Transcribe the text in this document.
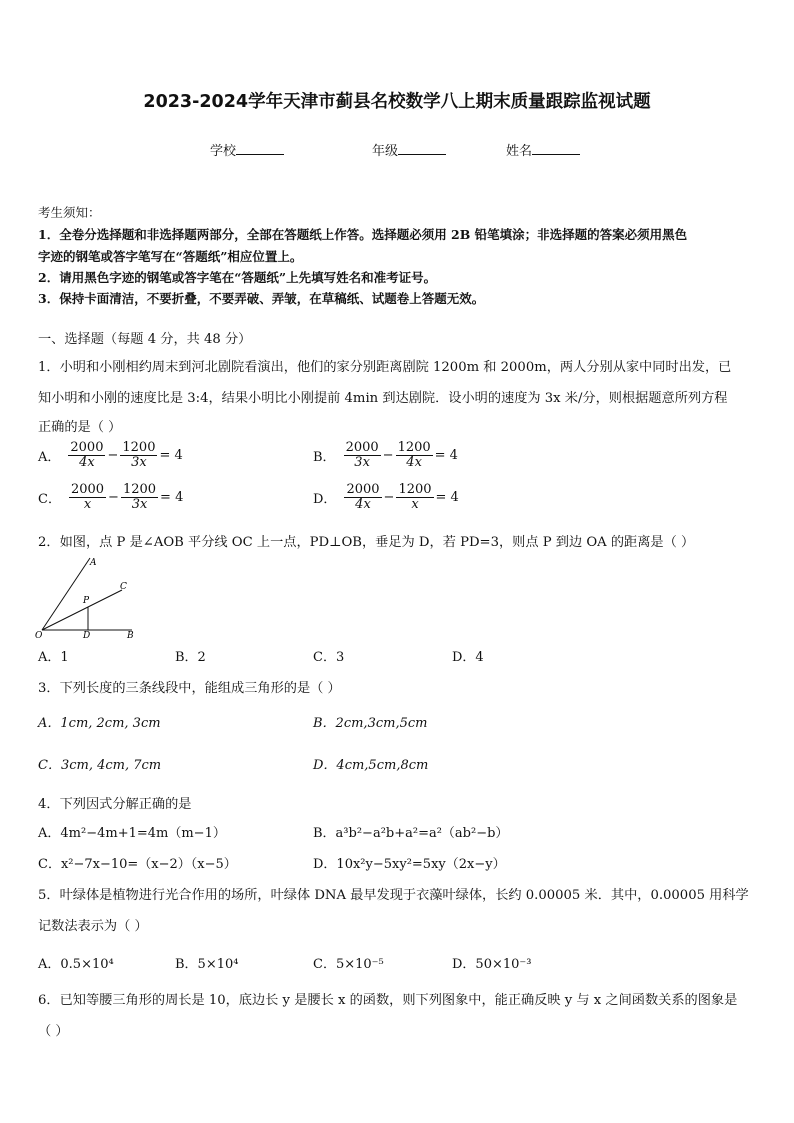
2023-2024学年天津市蓟县名校数学八上期末质量跟踪监视试题
学校	年级	姓名
考生须知：
1．全卷分选择题和非选择题两部分，全部在答题纸上作答。选择题必须用 2B 铅笔填涂；非选择题的答案必须用黑色
字迹的钢笔或答字笔写在“答题纸”相应位置上。
2．请用黑色字迹的钢笔或答字笔在“答题纸”上先填写姓名和准考证号。
3．保持卡面清洁，不要折叠，不要弄破、弄皱，在草稿纸、试题卷上答题无效。
一、选择题（每题 4 分，共 48 分）
1．小明和小刚相约周末到河北剧院看演出，他们的家分别距离剧院 1200m 和 2000m，两人分别从家中同时出发，已
知小明和小刚的速度比是 3:4，结果小明比小刚提前 4min 到达剧院．设小明的速度为 3x 米/分，则根据题意所列方程
正确的是（ ）
A． $\frac{2000}{4x} - \frac{1200}{3x} = 4$	B． $\frac{2000}{3x} - \frac{1200}{4x} = 4$
C． $\frac{2000}{x} - \frac{1200}{3x} = 4$	D． $\frac{2000}{4x} - \frac{1200}{x} = 4$
2．如图，点 P 是∠AOB 平分线 OC 上一点，PD⊥OB，垂足为 D，若 PD=3，则点 P 到边 OA 的距离是（ ）
A
C
P
O	D	B
A．1	B．2	C．3	D．4
3．下列长度的三条线段中，能组成三角形的是（ ）
A．1cm, 2cm, 3cm	B．2cm,3cm,5cm
C．3cm, 4cm, 7cm	D．4cm,5cm,8cm
4．下列因式分解正确的是
A．4m²−4m+1=4m（m−1）	B．a³b²−a²b+a²=a²（ab²−b）
C．x²−7x−10=（x−2）（x−5）	D．10x²y−5xy²=5xy（2x−y）
5．叶绿体是植物进行光合作用的场所，叶绿体 DNA 最早发现于衣藻叶绿体，长约 0.00005 米．其中，0.00005 用科学
记数法表示为（ ）
A．0.5×10⁴	B．5×10⁴	C．5×10⁻⁵	D．50×10⁻³
6．已知等腰三角形的周长是 10，底边长 y 是腰长 x 的函数，则下列图象中，能正确反映 y 与 x 之间函数关系的图象是
（ ）
